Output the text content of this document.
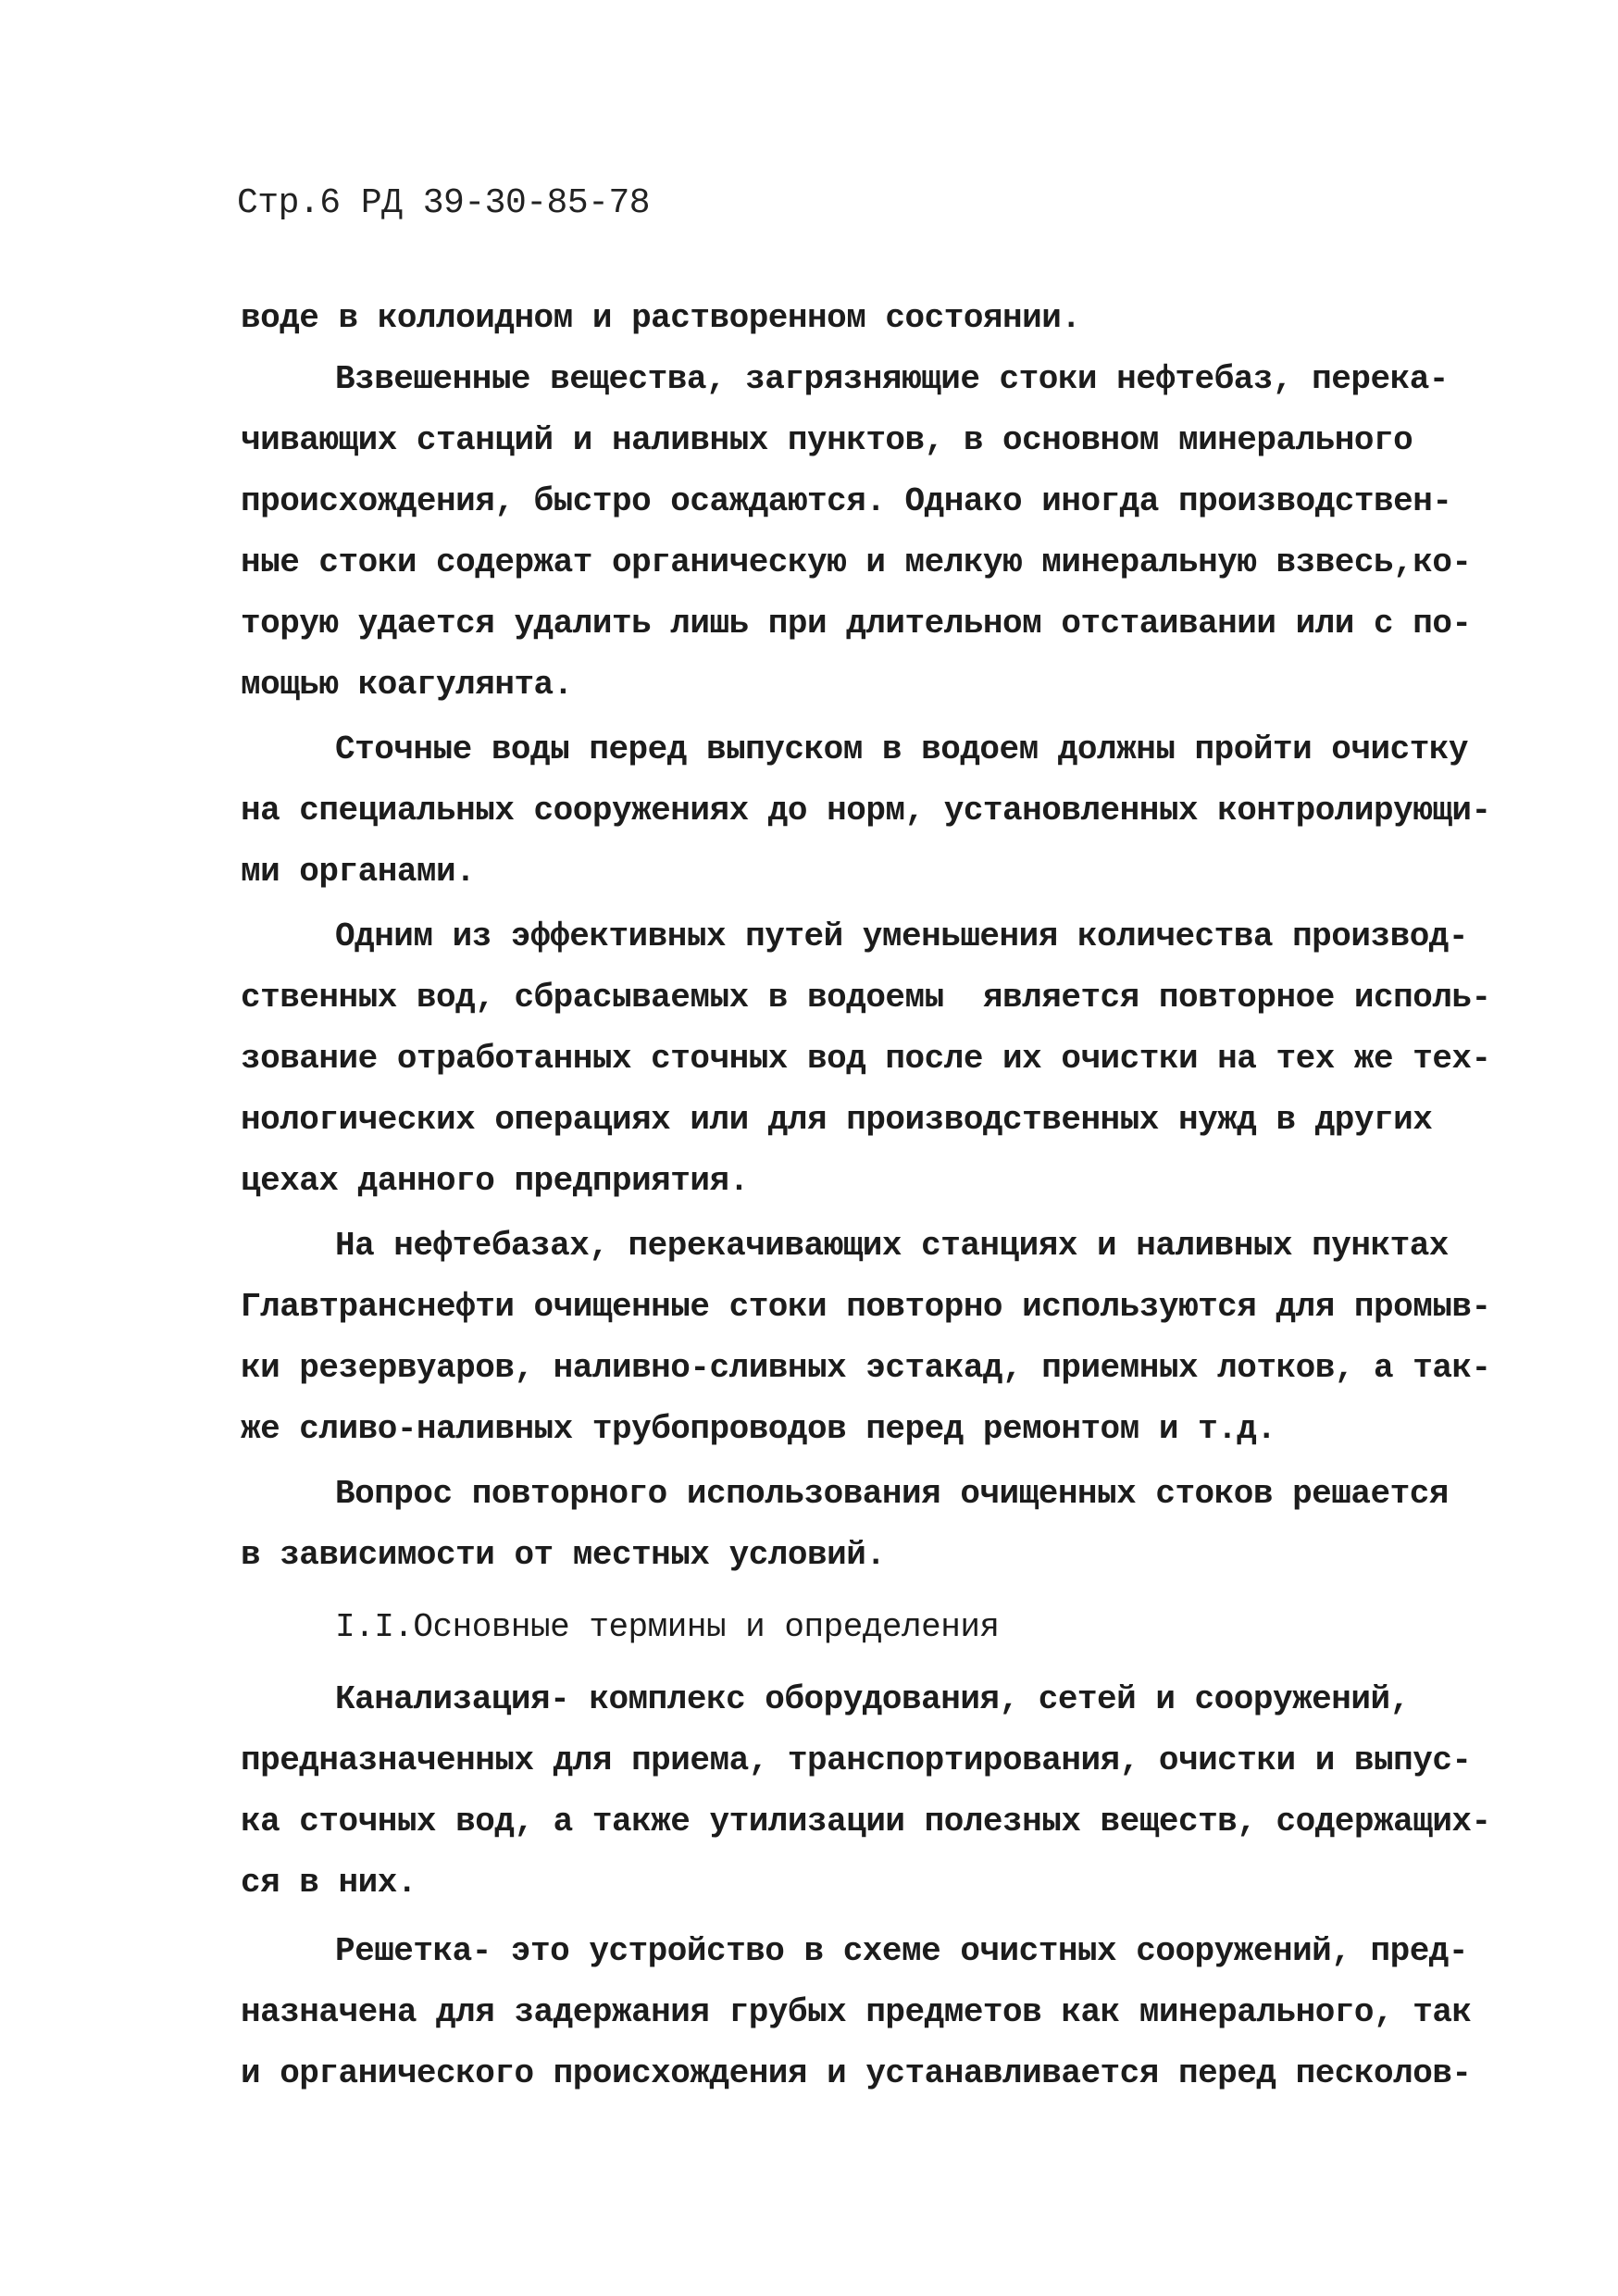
Стр.6 РД 39-30-85-78
воде в коллоидном и растворенном состоянии.
Взвешенные вещества, загрязняющие стоки нефтебаз, перека-
чивающих станций и наливных пунктов, в основном минерального
происхождения, быстро осаждаются. Однако иногда производствен-
ные стоки содержат органическую и мелкую минеральную взвесь,ко-
торую удается удалить лишь при длительном отстаивании или с по-
мощью коагулянта.
Сточные воды перед выпуском в водоем должны пройти очистку
на специальных сооружениях до норм, установленных контролирующи-
ми органами.
Одним из эффективных путей уменьшения количества производ-
ственных вод, сбрасываемых в водоемы  является повторное исполь-
зование отработанных сточных вод после их очистки на тех же тех-
нологических операциях или для производственных нужд в других
цехах данного предприятия.
На нефтебазах, перекачивающих станциях и наливных пунктах
Главтранснефти очищенные стоки повторно используются для промыв-
ки резервуаров, наливно-сливных эстакад, приемных лотков, а так-
же сливо-наливных трубопроводов перед ремонтом и т.д.
Вопрос повторного использования очищенных стоков решается
в зависимости от местных условий.
I.I.Основные термины и определения
Канализация- комплекс оборудования, сетей и сооружений,
предназначенных для приема, транспортирования, очистки и выпус-
ка сточных вод, а также утилизации полезных веществ, содержащих-
ся в них.
Решетка- это устройство в схеме очистных сооружений, пред-
назначена для задержания грубых предметов как минерального, так
и органического происхождения и устанавливается перед песколов-
